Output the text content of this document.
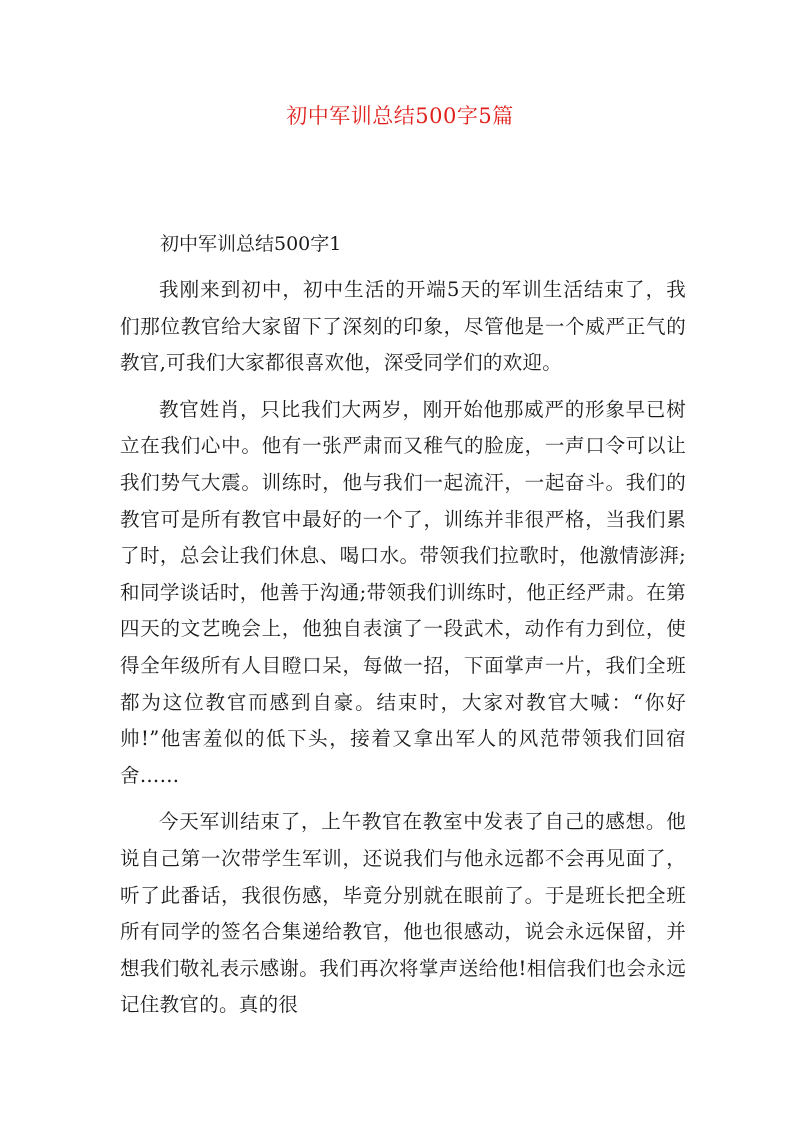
初中军训总结500字5篇
初中军训总结500字1

我刚来到初中，初中生活的开端5天的军训生活结束了，我们那位教官给大家留下了深刻的印象，尽管他是一个威严正气的教官,可我们大家都很喜欢他，深受同学们的欢迎。

教官姓肖，只比我们大两岁，刚开始他那威严的形象早已树立在我们心中。他有一张严肃而又稚气的脸庞，一声口令可以让我们势气大震。训练时，他与我们一起流汗，一起奋斗。我们的教官可是所有教官中最好的一个了，训练并非很严格，当我们累了时，总会让我们休息、喝口水。带领我们拉歌时，他激情澎湃;和同学谈话时，他善于沟通;带领我们训练时，他正经严肃。在第四天的文艺晚会上，他独自表演了一段武术，动作有力到位，使得全年级所有人目瞪口呆，每做一招，下面掌声一片，我们全班都为这位教官而感到自豪。结束时，大家对教官大喊：“你好帅!”他害羞似的低下头，接着又拿出军人的风范带领我们回宿舍……

今天军训结束了，上午教官在教室中发表了自己的感想。他说自己第一次带学生军训，还说我们与他永远都不会再见面了，听了此番话，我很伤感，毕竟分别就在眼前了。于是班长把全班所有同学的签名合集递给教官，他也很感动，说会永远保留，并想我们敬礼表示感谢。我们再次将掌声送给他!相信我们也会永远记住教官的。真的很
